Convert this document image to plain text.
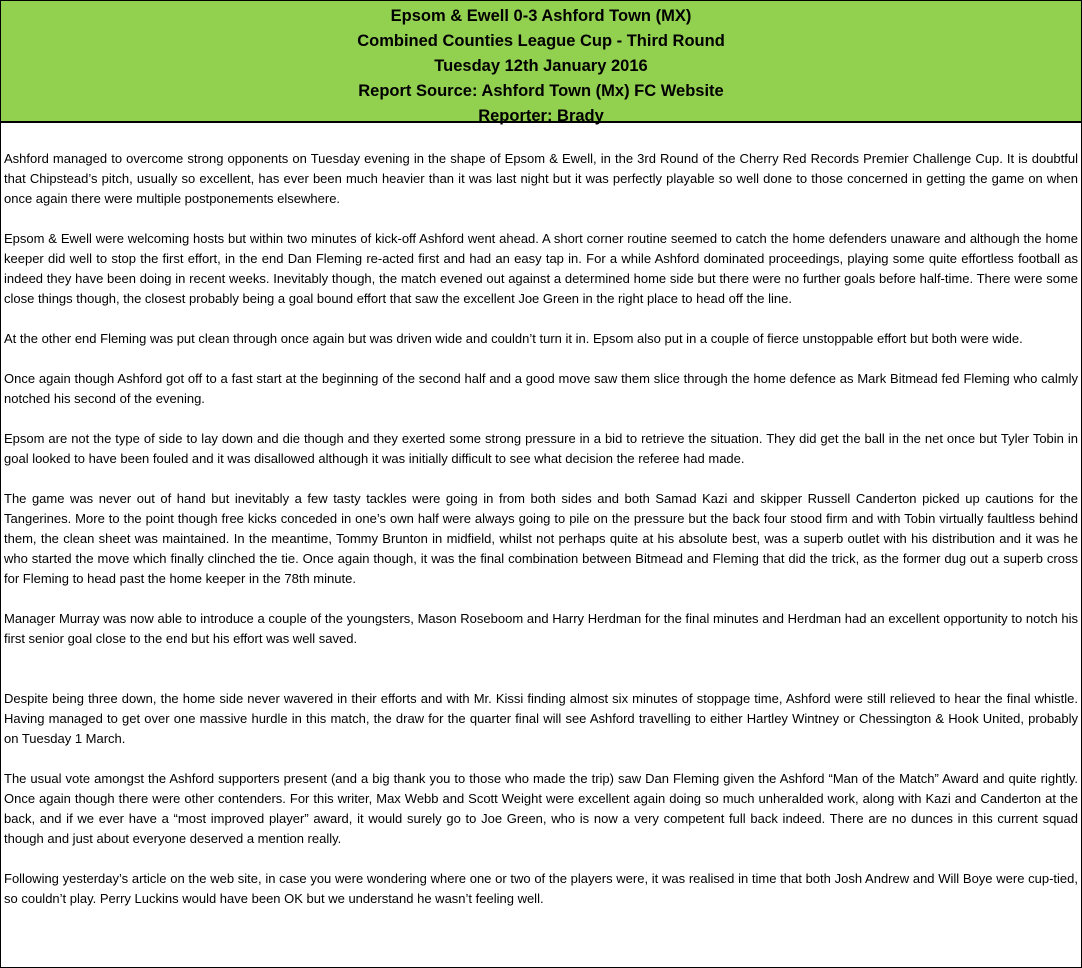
Epsom & Ewell 0-3 Ashford Town (MX)
Combined Counties League Cup - Third Round
Tuesday 12th January 2016
Report Source: Ashford Town (Mx) FC Website
Reporter: Brady

Ashford managed to overcome strong opponents on Tuesday evening in the shape of Epsom & Ewell, in the 3rd Round of the Cherry Red Records Premier Challenge Cup. It is doubtful that Chipstead’s pitch, usually so excellent, has ever been much heavier than it was last night but it was perfectly playable so well done to those concerned in getting the game on when once again there were multiple postponements elsewhere.

Epsom & Ewell were welcoming hosts but within two minutes of kick-off Ashford went ahead. A short corner routine seemed to catch the home defenders unaware and although the home keeper did well to stop the first effort, in the end Dan Fleming re-acted first and had an easy tap in. For a while Ashford dominated proceedings, playing some quite effortless football as indeed they have been doing in recent weeks. Inevitably though, the match evened out against a determined home side but there were no further goals before half-time. There were some close things though, the closest probably being a goal bound effort that saw the excellent Joe Green in the right place to head off the line.

At the other end Fleming was put clean through once again but was driven wide and couldn’t turn it in. Epsom also put in a couple of fierce unstoppable effort but both were wide.

Once again though Ashford got off to a fast start at the beginning of the second half and a good move saw them slice through the home defence as Mark Bitmead fed Fleming who calmly notched his second of the evening.

Epsom are not the type of side to lay down and die though and they exerted some strong pressure in a bid to retrieve the situation. They did get the ball in the net once but Tyler Tobin in goal looked to have been fouled and it was disallowed although it was initially difficult to see what decision the referee had made.

The game was never out of hand but inevitably a few tasty tackles were going in from both sides and both Samad Kazi and skipper Russell Canderton picked up cautions for the Tangerines. More to the point though free kicks conceded in one’s own half were always going to pile on the pressure but the back four stood firm and with Tobin virtually faultless behind them, the clean sheet was maintained. In the meantime, Tommy Brunton in midfield, whilst not perhaps quite at his absolute best, was a superb outlet with his distribution and it was he who started the move which finally clinched the tie. Once again though, it was the final combination between Bitmead and Fleming that did the trick, as the former dug out a superb cross for Fleming to head past the home keeper in the 78th minute.

Manager Murray was now able to introduce a couple of the youngsters, Mason Roseboom and Harry Herdman for the final minutes and Herdman had an excellent opportunity to notch his first senior goal close to the end but his effort was well saved.

Despite being three down, the home side never wavered in their efforts and with Mr. Kissi finding almost six minutes of stoppage time, Ashford were still relieved to hear the final whistle. Having managed to get over one massive hurdle in this match, the draw for the quarter final will see Ashford travelling to either Hartley Wintney or Chessington & Hook United, probably on Tuesday 1 March.

The usual vote amongst the Ashford supporters present (and a big thank you to those who made the trip) saw Dan Fleming given the Ashford “Man of the Match” Award and quite rightly. Once again though there were other contenders. For this writer, Max Webb and Scott Weight were excellent again doing so much unheralded work, along with Kazi and Canderton at the back, and if we ever have a “most improved player” award, it would surely go to Joe Green, who is now a very competent full back indeed. There are no dunces in this current squad though and just about everyone deserved a mention really.

Following yesterday’s article on the web site, in case you were wondering where one or two of the players were, it was realised in time that both Josh Andrew and Will Boye were cup-tied, so couldn’t play. Perry Luckins would have been OK but we understand he wasn’t feeling well.
